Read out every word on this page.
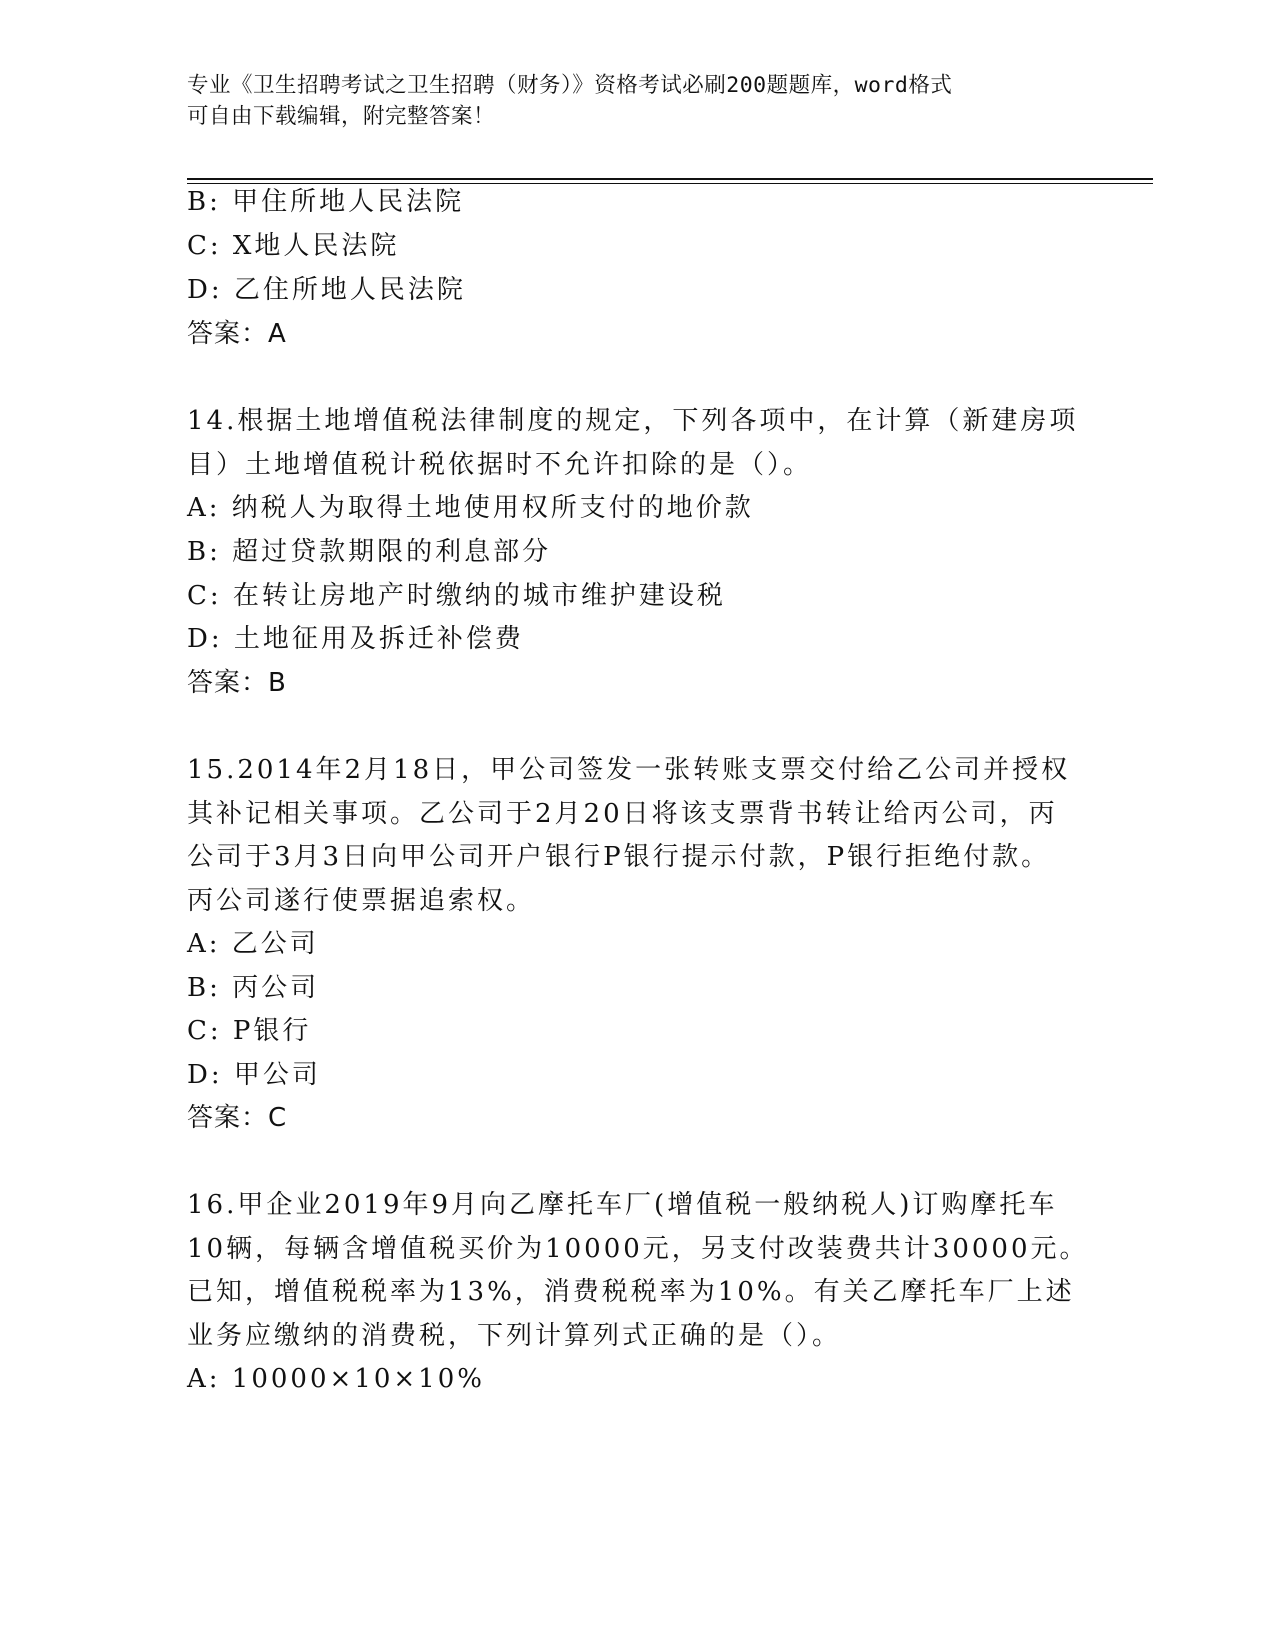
专业《卫生招聘考试之卫生招聘（财务）》资格考试必刷200题题库，word格式
可自由下载编辑，附完整答案！
B: 甲住所地人民法院
C: X地人民法院
D: 乙住所地人民法院
答案：A
14.根据土地增值税法律制度的规定，下列各项中，在计算（新建房项
目）土地增值税计税依据时不允许扣除的是（）。
A: 纳税人为取得土地使用权所支付的地价款
B: 超过贷款期限的利息部分
C: 在转让房地产时缴纳的城市维护建设税
D: 土地征用及拆迁补偿费
答案：B
15.2014年2月18日，甲公司签发一张转账支票交付给乙公司并授权
其补记相关事项。乙公司于2月20日将该支票背书转让给丙公司，丙
公司于3月3日向甲公司开户银行P银行提示付款，P银行拒绝付款。
丙公司遂行使票据追索权。
A: 乙公司
B: 丙公司
C: P银行
D: 甲公司
答案：C
16.甲企业2019年9月向乙摩托车厂(增值税一般纳税人)订购摩托车
10辆，每辆含增值税买价为10000元，另支付改装费共计30000元。
已知，增值税税率为13%，消费税税率为10%。有关乙摩托车厂上述
业务应缴纳的消费税，下列计算列式正确的是（）。
A: 10000×10×10%
